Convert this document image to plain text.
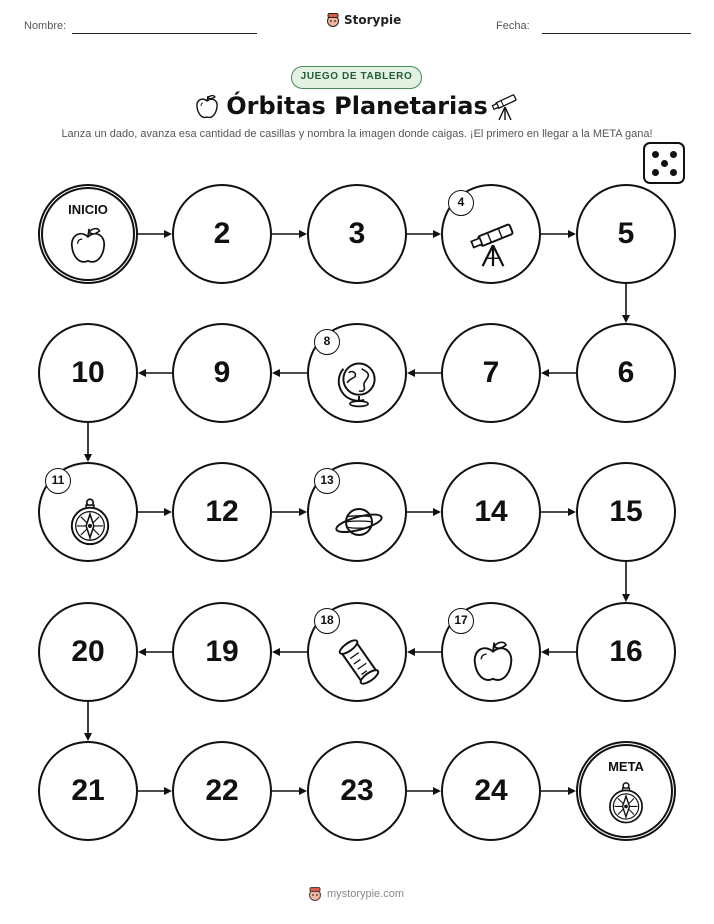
Nombre:	Storypie	Fecha:
JUEGO DE TABLERO
Órbitas Planetarias
Lanza un dado, avanza esa cantidad de casillas y nombra la imagen donde caigas. ¡El primero en llegar a la META gana!
INICIO
2	3
4
5
6
7
8
9
10
11
12
13
14	15
16
17
18
19
20
21	22	23	24
META
mystorypie.com
